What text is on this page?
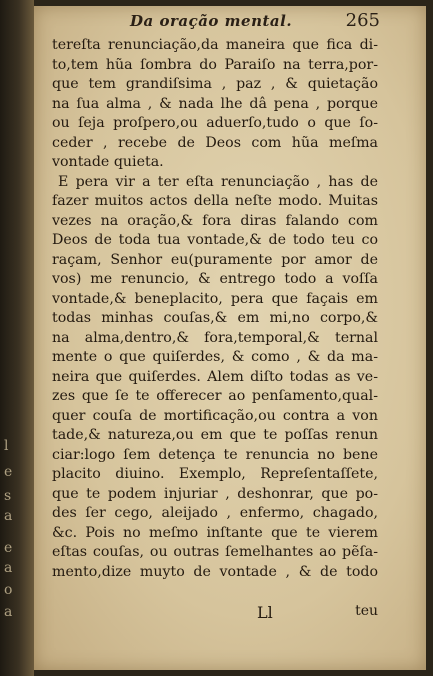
l
e
s
a
e
a
o
a
Da oração mental.	265
tereſta renunciação,da maneira que fica di-
to,tem hũa ſombra do Paraiſo na terra,por-
que tem grandiſsima , paz , & quietação
na ſua alma , & nada lhe dâ pena , porque
ou ſeja proſpero,ou aduerſo,tudo o que ſo-
ceder , recebe de Deos com hũa meſma
vontade quieta.
E pera vir a ter eſta renunciação , has de
fazer muitos actos della neſte modo. Muitas
vezes na oração,& fora diras falando com
Deos de toda tua vontade,& de todo teu co
raçam, Senhor eu(puramente por amor de
vos) me renuncio, & entrego todo a voſſa
vontade,& beneplacito, pera que façais em
todas minhas couſas,& em mi,no corpo,&
na alma,dentro,& fora,temporal,& ternal
mente o que quiſerdes, & como , & da ma-
neira que quiſerdes. Alem diſto todas as ve-
zes que ſe te offerecer ao penſamento,qual-
quer couſa de mortificação,ou contra a von
tade,& natureza,ou em que te poſſas renun
ciar:logo ſem detença te renuncia no bene
placito diuino. Exemplo, Repreſentaſſete,
que te podem injuriar , deshonrar, que po-
des ſer cego, aleijado , enfermo, chagado,
&c. Pois no meſmo inſtante que te vierem
eſtas couſas, ou outras ſemelhantes ao pẽſa-
mento,dize muyto de vontade , & de todo
Ll	teu
